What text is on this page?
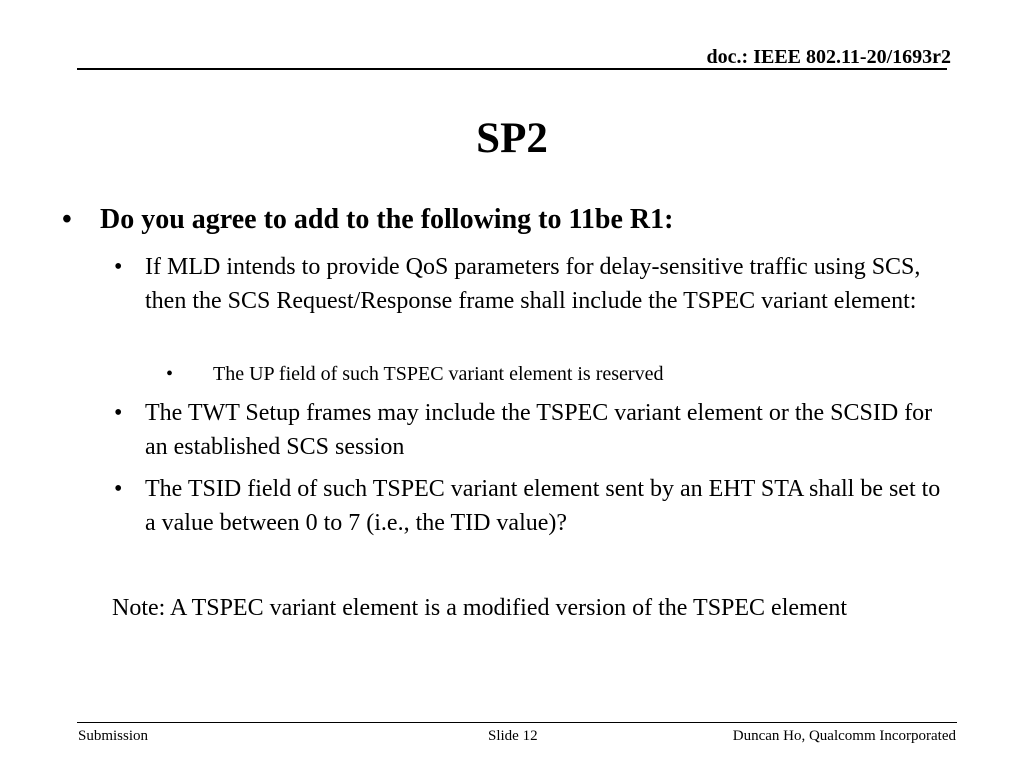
doc.: IEEE 802.11-20/1693r2
SP2
• Do you agree to add to the following to 11be R1:
• If MLD intends to provide QoS parameters for delay-sensitive traffic using SCS, then the SCS Request/Response frame shall include the TSPEC variant element:
• The UP field of such TSPEC variant element is reserved
• The TWT Setup frames may include the TSPEC variant element or the SCSID for an established SCS session
• The TSID field of such TSPEC variant element sent by an EHT STA shall be set to a value between 0 to 7 (i.e., the TID value)?
Note: A TSPEC variant element is a modified version of the TSPEC element
Submission	Slide 12	Duncan Ho, Qualcomm Incorporated
